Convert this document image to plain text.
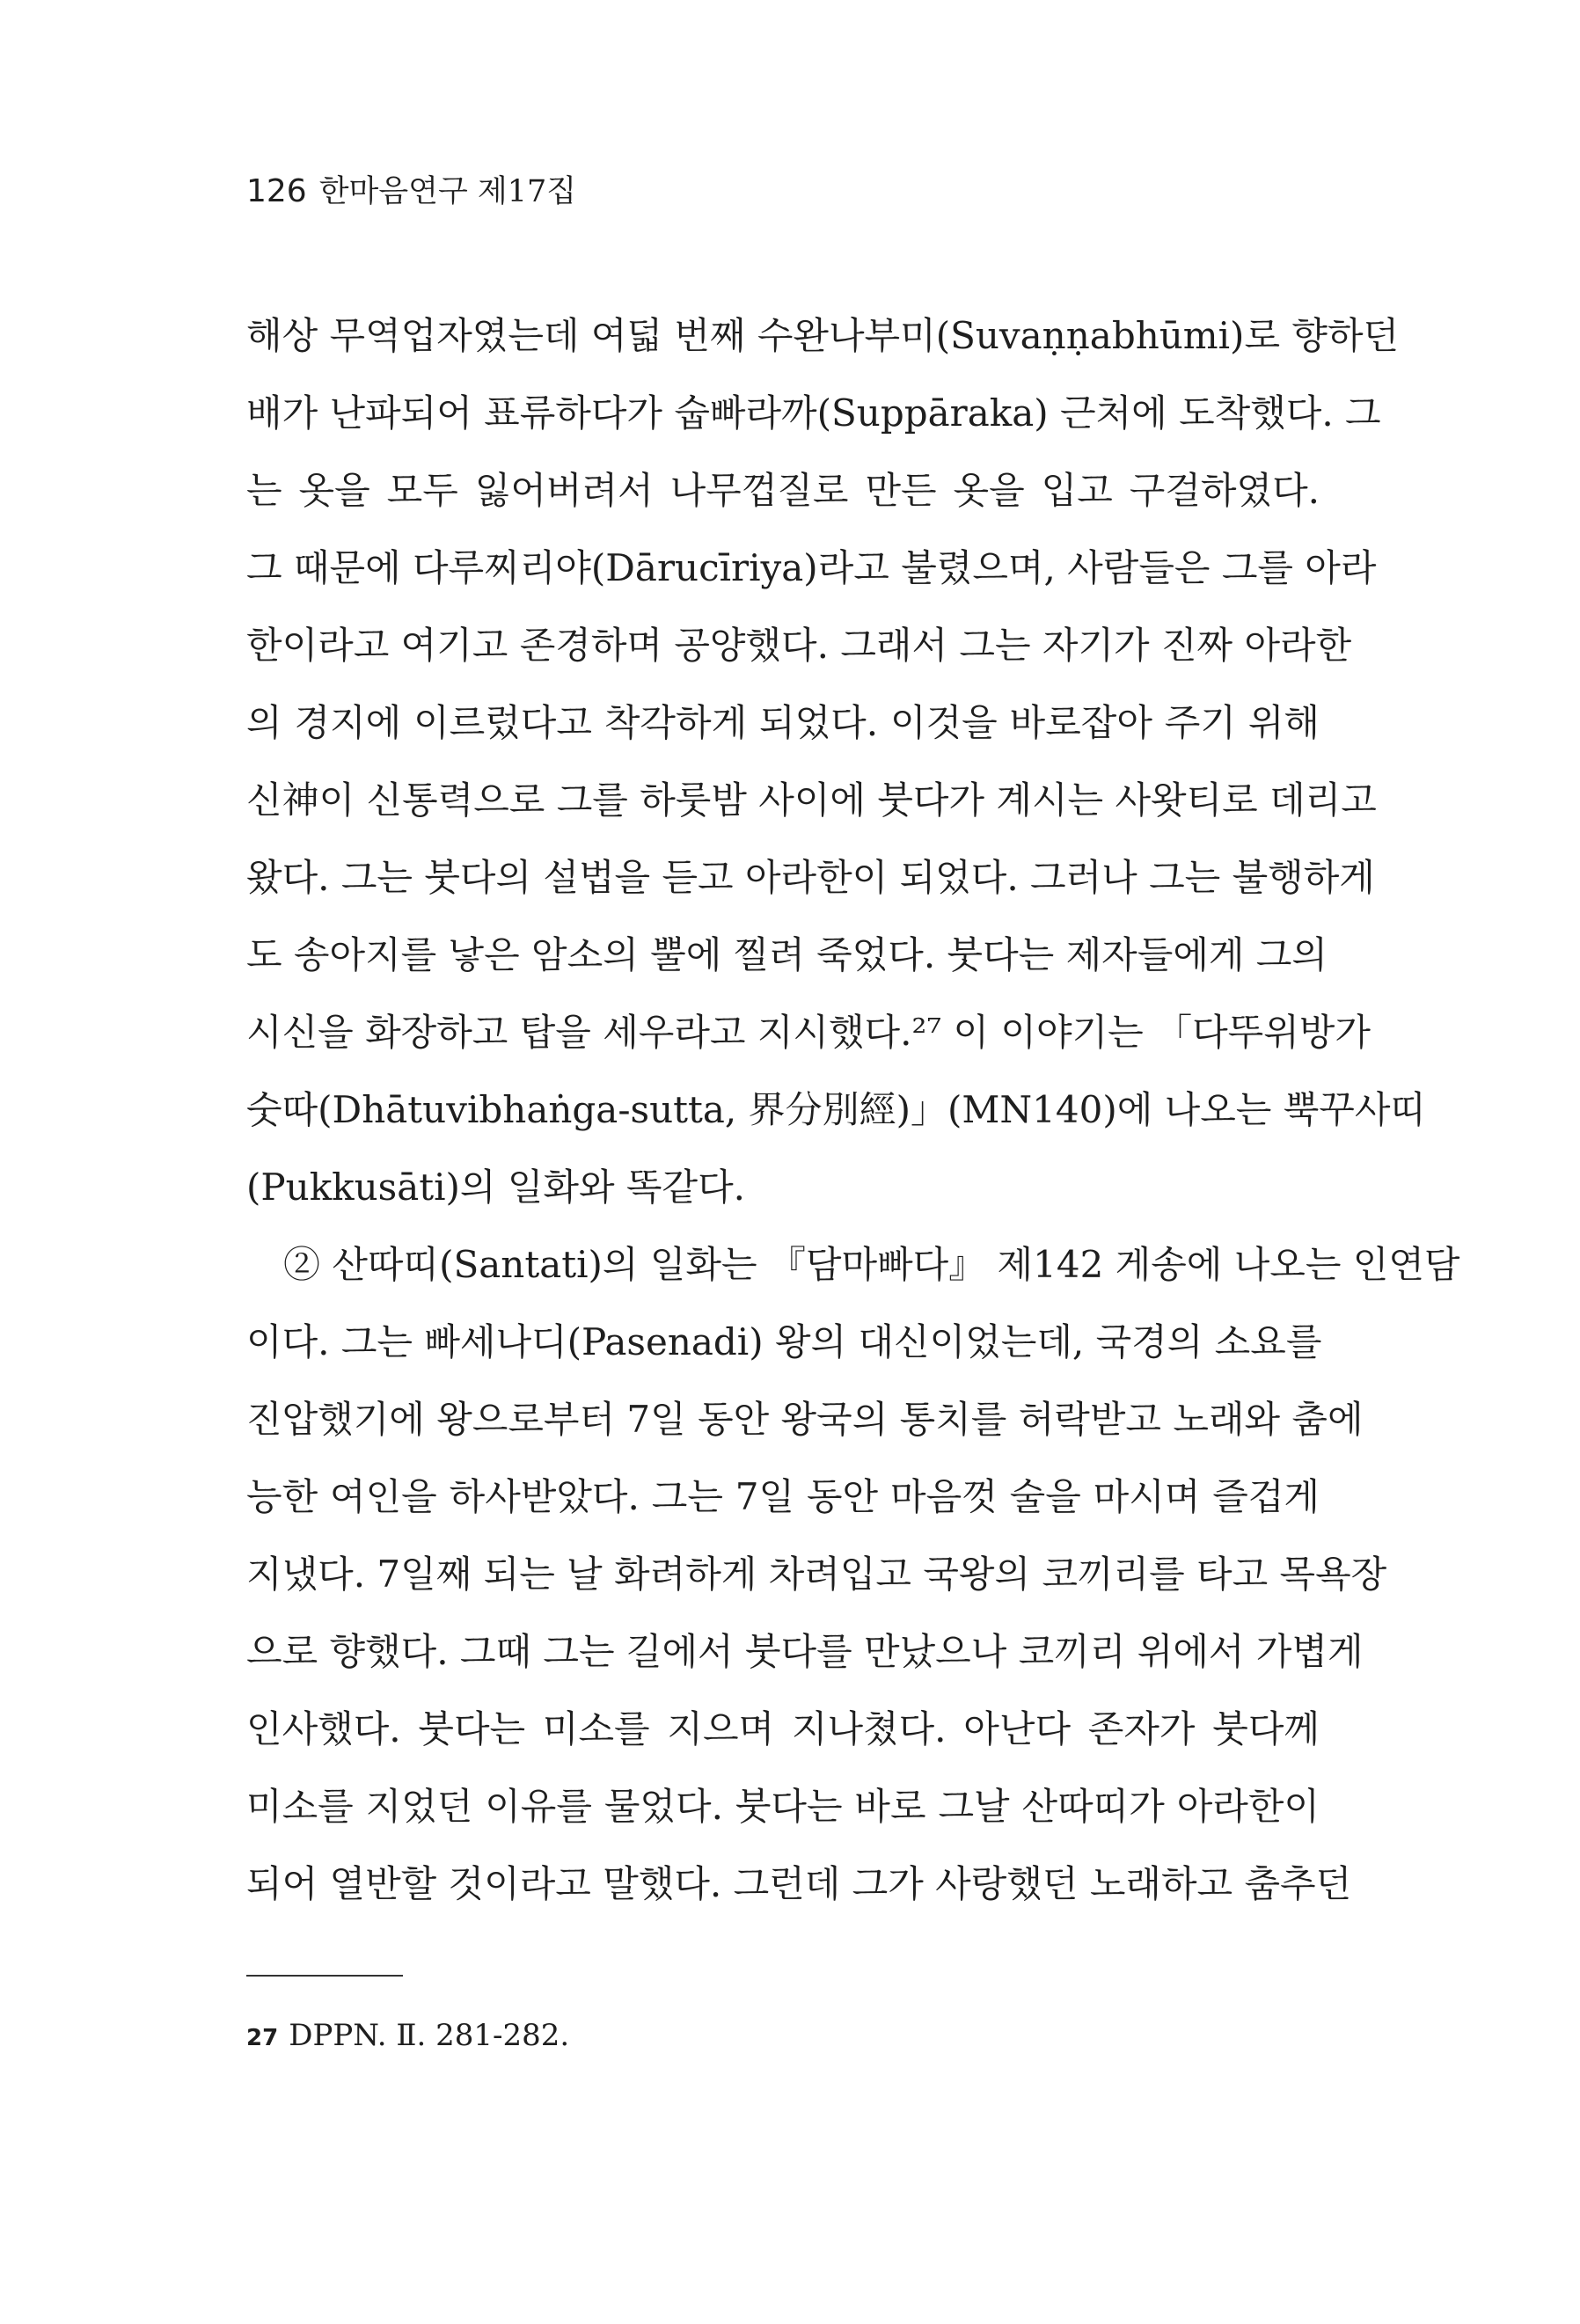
126 한마음연구 제17집
해상 무역업자였는데 여덟 번째 수완나부미(Suvaṇṇabhūmi)로 향하던
배가 난파되어 표류하다가 숩빠라까(Suppāraka) 근처에 도착했다. 그
는 옷을 모두 잃어버려서 나무껍질로 만든 옷을 입고 구걸하였다.
그 때문에 다루찌리야(Dārucīriya)라고 불렸으며, 사람들은 그를 아라
한이라고 여기고 존경하며 공양했다. 그래서 그는 자기가 진짜 아라한
의 경지에 이르렀다고 착각하게 되었다. 이것을 바로잡아 주기 위해
신神이 신통력으로 그를 하룻밤 사이에 붓다가 계시는 사왓티로 데리고
왔다. 그는 붓다의 설법을 듣고 아라한이 되었다. 그러나 그는 불행하게
도 송아지를 낳은 암소의 뿔에 찔려 죽었다. 붓다는 제자들에게 그의
시신을 화장하고 탑을 세우라고 지시했다.²⁷ 이 이야기는 「다뚜위방가
숫따(Dhātuvibhaṅga-sutta, 界分別經)」(MN140)에 나오는 뿍꾸사띠
(Pukkusāti)의 일화와 똑같다.
② 산따띠(Santati)의 일화는 『담마빠다』 제142 게송에 나오는 인연담
이다. 그는 빠세나디(Pasenadi) 왕의 대신이었는데, 국경의 소요를
진압했기에 왕으로부터 7일 동안 왕국의 통치를 허락받고 노래와 춤에
능한 여인을 하사받았다. 그는 7일 동안 마음껏 술을 마시며 즐겁게
지냈다. 7일째 되는 날 화려하게 차려입고 국왕의 코끼리를 타고 목욕장
으로 향했다. 그때 그는 길에서 붓다를 만났으나 코끼리 위에서 가볍게
인사했다. 붓다는 미소를 지으며 지나쳤다. 아난다 존자가 붓다께
미소를 지었던 이유를 물었다. 붓다는 바로 그날 산따띠가 아라한이
되어 열반할 것이라고 말했다. 그런데 그가 사랑했던 노래하고 춤추던
27 DPPN. Ⅱ. 281-282.
